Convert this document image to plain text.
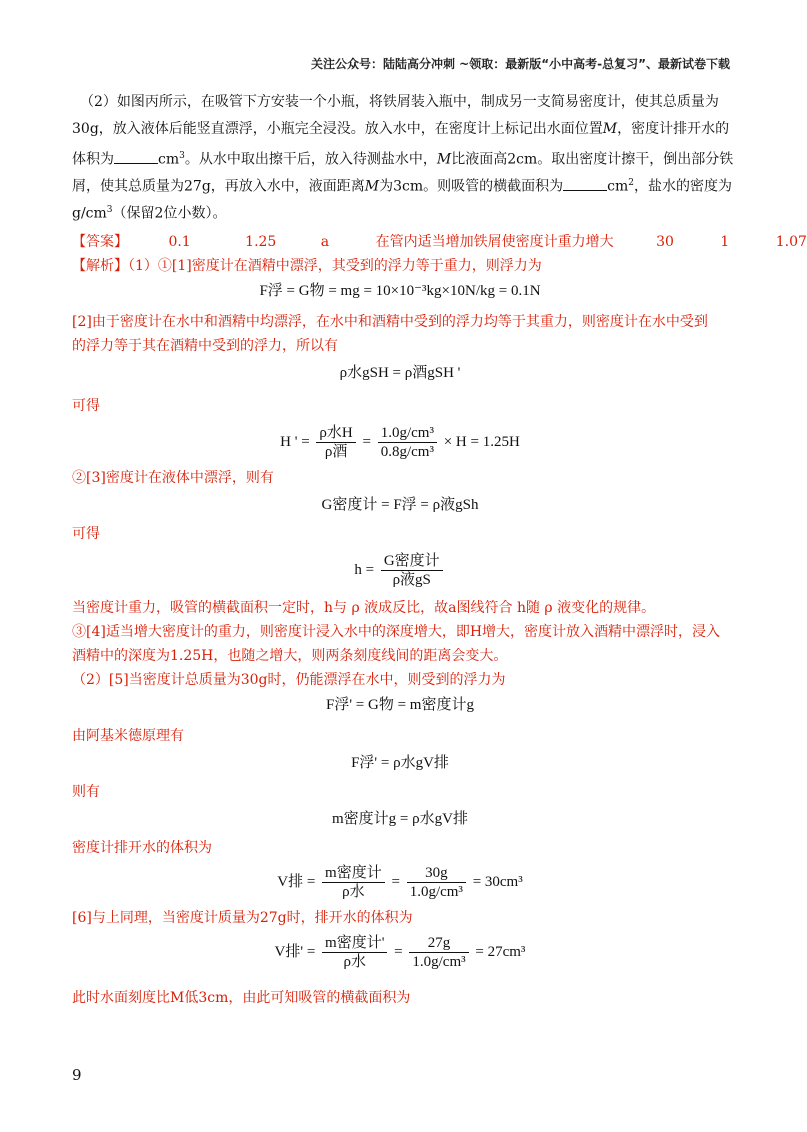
关注公众号：陆陆高分冲刺 ~领取：最新版“小中高考-总复习”、最新试卷下载
（2）如图丙所示，在吸管下方安装一个小瓶，将铁屑装入瓶中，制成另一支简易密度计，使其总质量为
30g，放入液体后能竖直漂浮，小瓶完全浸没。放入水中，在密度计上标记出水面位置M，密度计排开水的
体积为	$cm^3$。从水中取出擦干后，放入待测盐水中，M比液面高2cm。取出密度计擦干，倒出部分铁
屑，使其总质量为27g，再放入水中，液面距离M为3cm。则吸管的横截面积为	$cm^2$，盐水的密度为
$g/cm^3$（保留2位小数）。
【答案】	0.1	1.25	a	在管内适当增加铁屑使密度计重力增大	30	1	1.07
【解析】（1）①[1]密度计在酒精中漂浮，其受到的浮力等于重力，则浮力为
F浮 = G物 = mg = 10×10⁻³kg×10N/kg = 0.1N
[2]由于密度计在水中和酒精中均漂浮，在水中和酒精中受到的浮力均等于其重力，则密度计在水中受到
的浮力等于其在酒精中受到的浮力，所以有
ρ水gSH = ρ酒gSH '
可得
H ' = $\frac{\text{ρ水H}}{\text{ρ酒}} = \frac{\text{1.0g/cm³}}{\text{0.8g/cm³}} \times H = 1.25H$
②[3]密度计在液体中漂浮，则有
G密度计 = F浮 = ρ液gSh
可得
$h = \frac{\text{G密度计}}{\text{ρ液gS}}$
当密度计重力，吸管的横截面积一定时，h与 ρ 液成反比，故a图线符合 h随 ρ 液变化的规律。
③[4]适当增大密度计的重力，则密度计浸入水中的深度增大，即H增大，密度计放入酒精中漂浮时，浸入
酒精中的深度为1.25H，也随之增大，则两条刻度线间的距离会变大。
（2）[5]当密度计总质量为30g时，仍能漂浮在水中，则受到的浮力为
F浮' = G物 = m密度计g
由阿基米德原理有
F浮' = ρ水gV排
则有
m密度计g = ρ水gV排
密度计排开水的体积为
V排 = $\frac{\text{m密度计}}{\text{ρ水}} = \frac{30g}{\text{1.0g/cm³}} = 30cm^3$
[6]与上同理，当密度计质量为27g时，排开水的体积为
V排' = $\frac{\text{m密度计'}}{\text{ρ水}} = \frac{27g}{\text{1.0g/cm³}} = 27cm^3$
此时水面刻度比M低3cm，由此可知吸管的横截面积为
9
